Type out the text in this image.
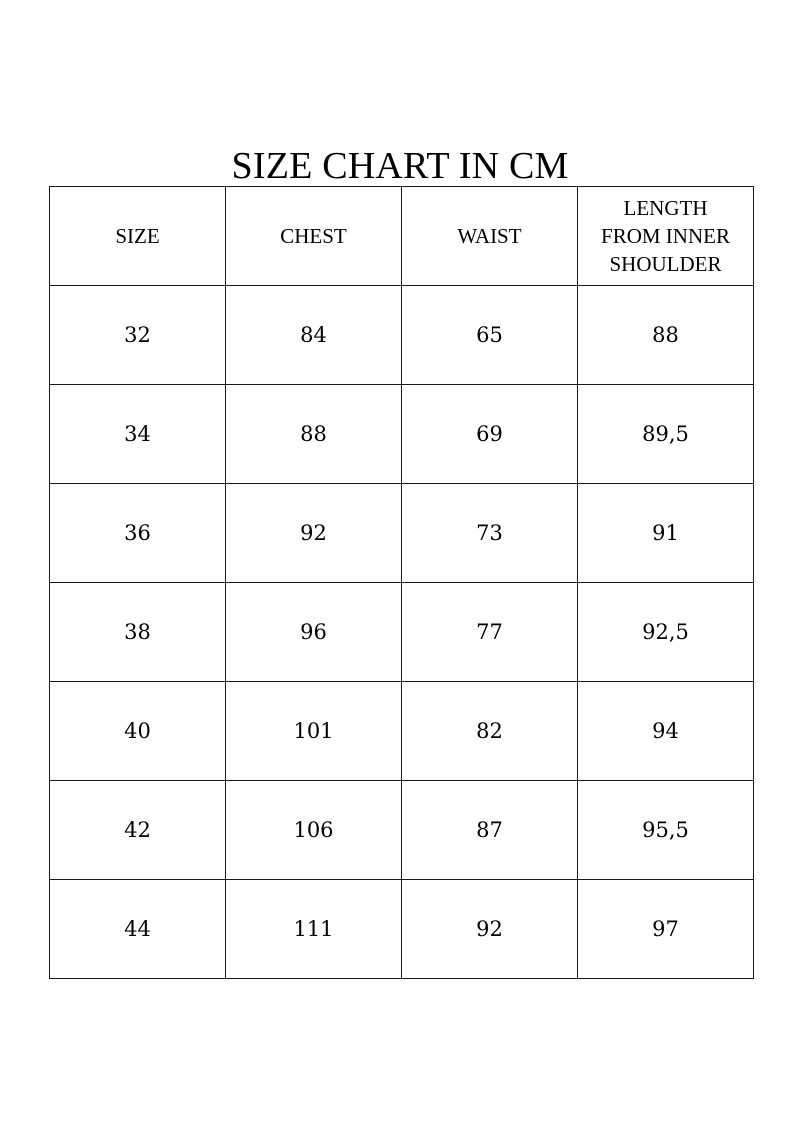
SIZE CHART IN CM
SIZE	CHEST	WAIST	LENGTH
FROM INNER
SHOULDER

32	84	65	88
34	88	69	89,5
36	92	73	91
38	96	77	92,5
40	101	82	94
42	106	87	95,5
44	111	92	97
